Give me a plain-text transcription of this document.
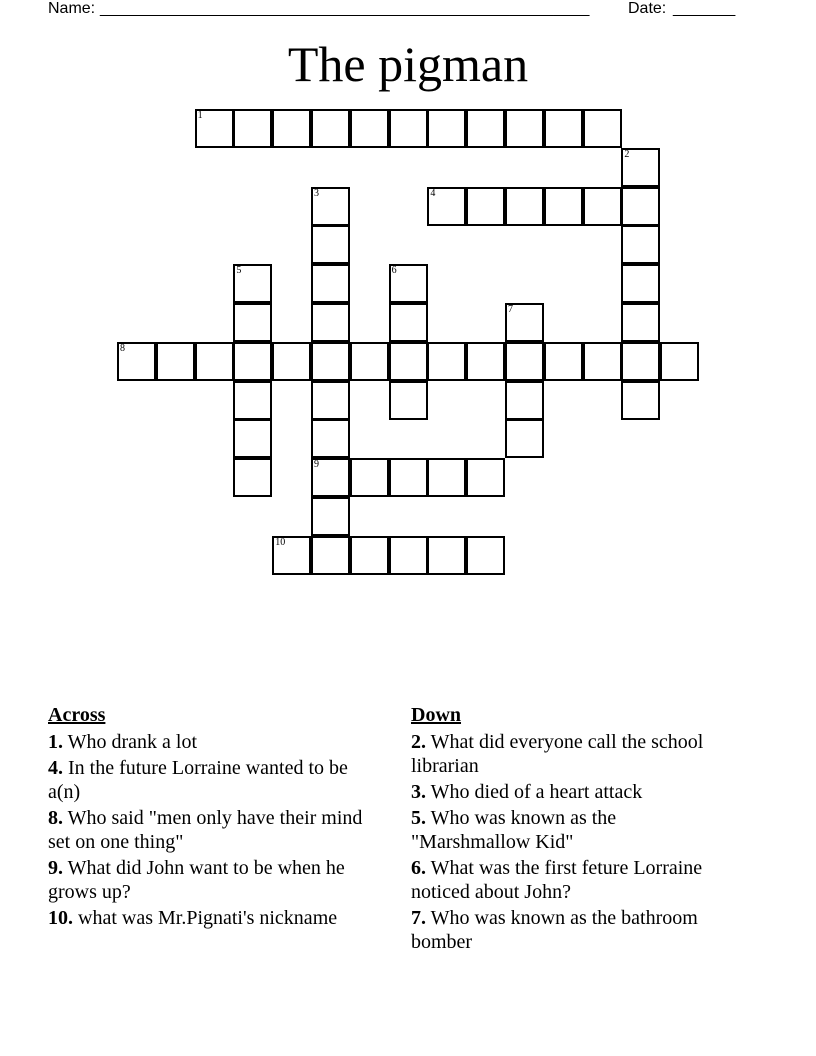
Name: _______________________________________________________ Date: _______
The pigman
1
2
3
9
4
5	6
7
8
10
Across
1. Who drank a lot
4. In the future Lorraine wanted to be a(n)
8. Who said "men only have their mind set on one thing"
9. What did John want to be when he grows up?
10. what was Mr.Pignati's nickname
Down
2. What did everyone call the school librarian
3. Who died of a heart attack
5. Who was known as the "Marshmallow Kid"
6. What was the first feture Lorraine noticed about John?
7. Who was known as the bathroom bomber
